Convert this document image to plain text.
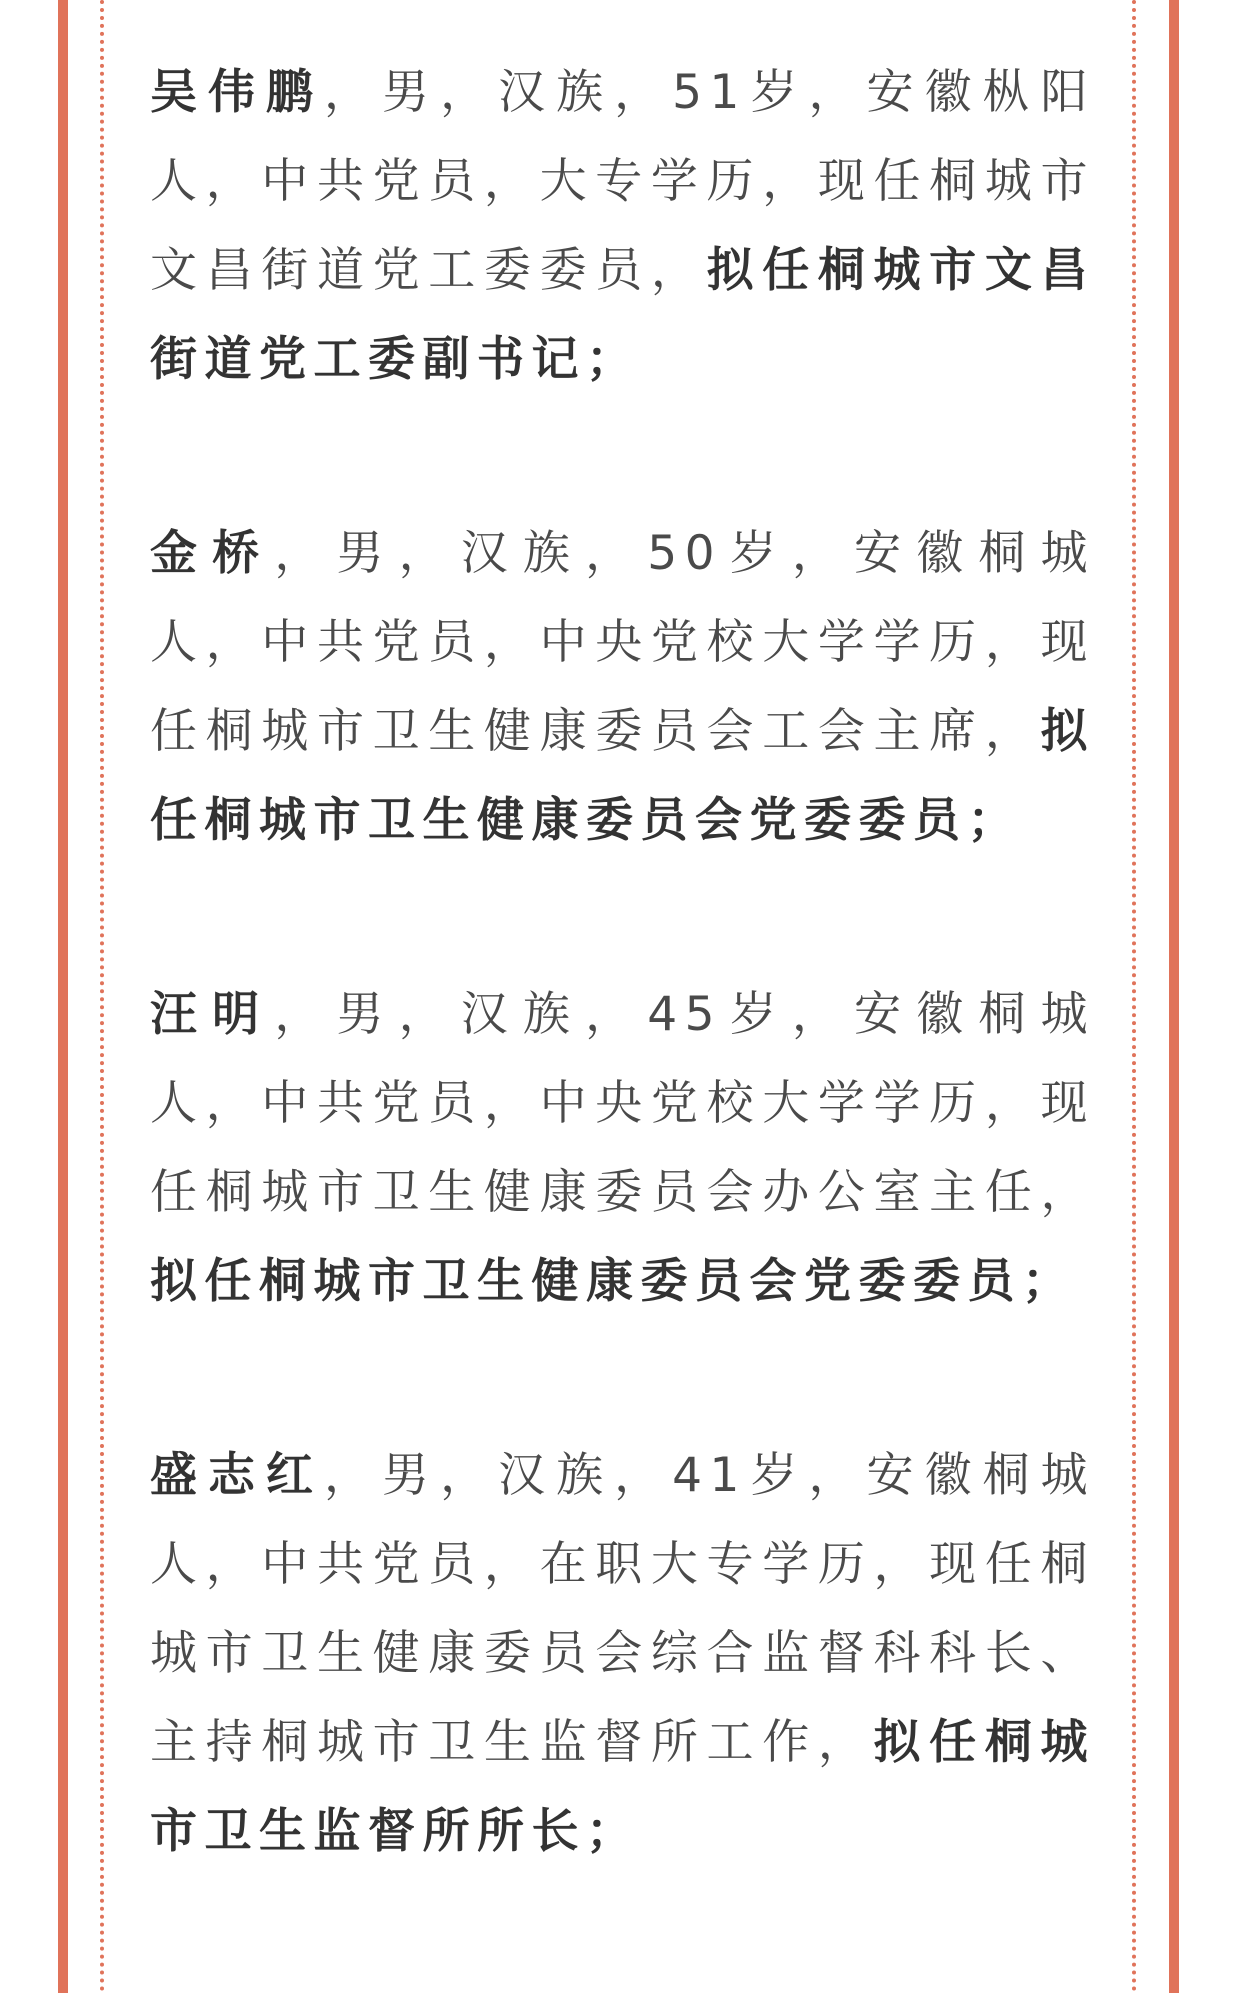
吴伟鹏，男，汉族，51岁，安徽枞阳人，中共党员，大专学历，现任桐城市文昌街道党工委委员，拟任桐城市文昌街道党工委副书记；

金桥，男，汉族，50岁，安徽桐城人，中共党员，中央党校大学学历，现任桐城市卫生健康委员会工会主席，拟任桐城市卫生健康委员会党委委员；

汪明，男，汉族，45岁，安徽桐城人，中共党员，中央党校大学学历，现任桐城市卫生健康委员会办公室主任，拟任桐城市卫生健康委员会党委委员；

盛志红，男，汉族，41岁，安徽桐城人，中共党员，在职大专学历，现任桐城市卫生健康委员会综合监督科科长、主持桐城市卫生监督所工作，拟任桐城市卫生监督所所长；
